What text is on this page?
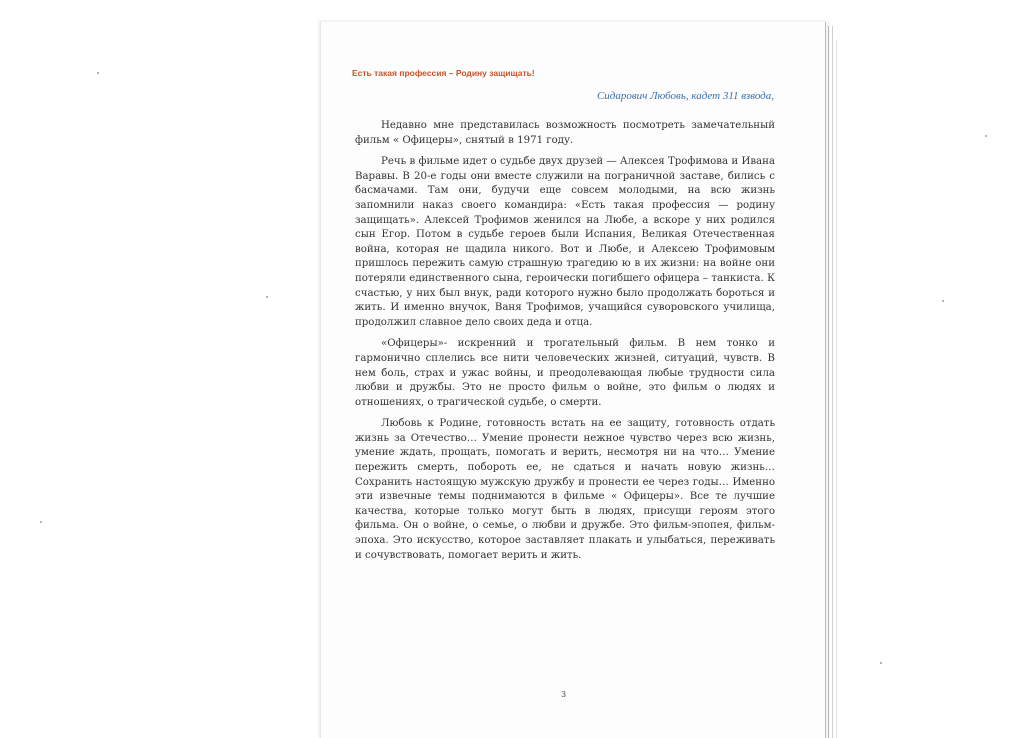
Есть такая профессия – Родину защищать!
Сидарович Любовь, кадет 311 взвода,

Недавно мне представилась возможность посмотреть замечательный фильм « Офицеры», снятый в 1971 году.

Речь в фильме идет о судьбе двух друзей — Алексея Трофимова и Ивана Варавы. В 20-е годы они вместе служили на пограничной заставе, бились с басмачами. Там они, будучи еще совсем молодыми, на всю жизнь запомнили наказ своего командира: «Есть такая профессия — родину защищать». Алексей Трофимов женился на Любе, а вскоре у них родился сын Егор. Потом в судьбе героев были Испания, Великая Отечественная война, которая не щадила никого. Вот и Любе, и Алексею Трофимовым пришлось пережить самую страшную трагедию ю в их жизни: на войне они потеряли единственного сына, героически погибшего офицера – танкиста. К счастью, у них был внук, ради которого нужно было продолжать бороться и жить. И именно внучок, Ваня Трофимов, учащийся суворовского училища, продолжил славное дело своих деда и отца.

«Офицеры»- искренний и трогательный фильм. В нем тонко и гармонично сплелись все нити человеческих жизней, ситуаций, чувств. В нем боль, страх и ужас войны, и преодолевающая любые трудности сила любви и дружбы. Это не просто фильм о войне, это фильм о людях и отношениях, о трагической судьбе, о смерти.

Любовь к Родине, готовность встать на ее защиту, готовность отдать жизнь за Отечество… Умение пронести нежное чувство через всю жизнь, умение ждать, прощать, помогать и верить, несмотря ни на что… Умение пережить смерть, побороть ее, не сдаться и начать новую жизнь… Сохранить настоящую мужскую дружбу и пронести ее через годы… Именно эти извечные темы поднимаются в фильме « Офицеры». Все те лучшие качества, которые только могут быть в людях, присущи героям этого фильма. Он о войне, о семье, о любви и дружбе. Это фильм-эпопея, фильм-эпоха. Это искусство, которое заставляет плакать и улыбаться, переживать и сочувствовать, помогает верить и жить.

3
